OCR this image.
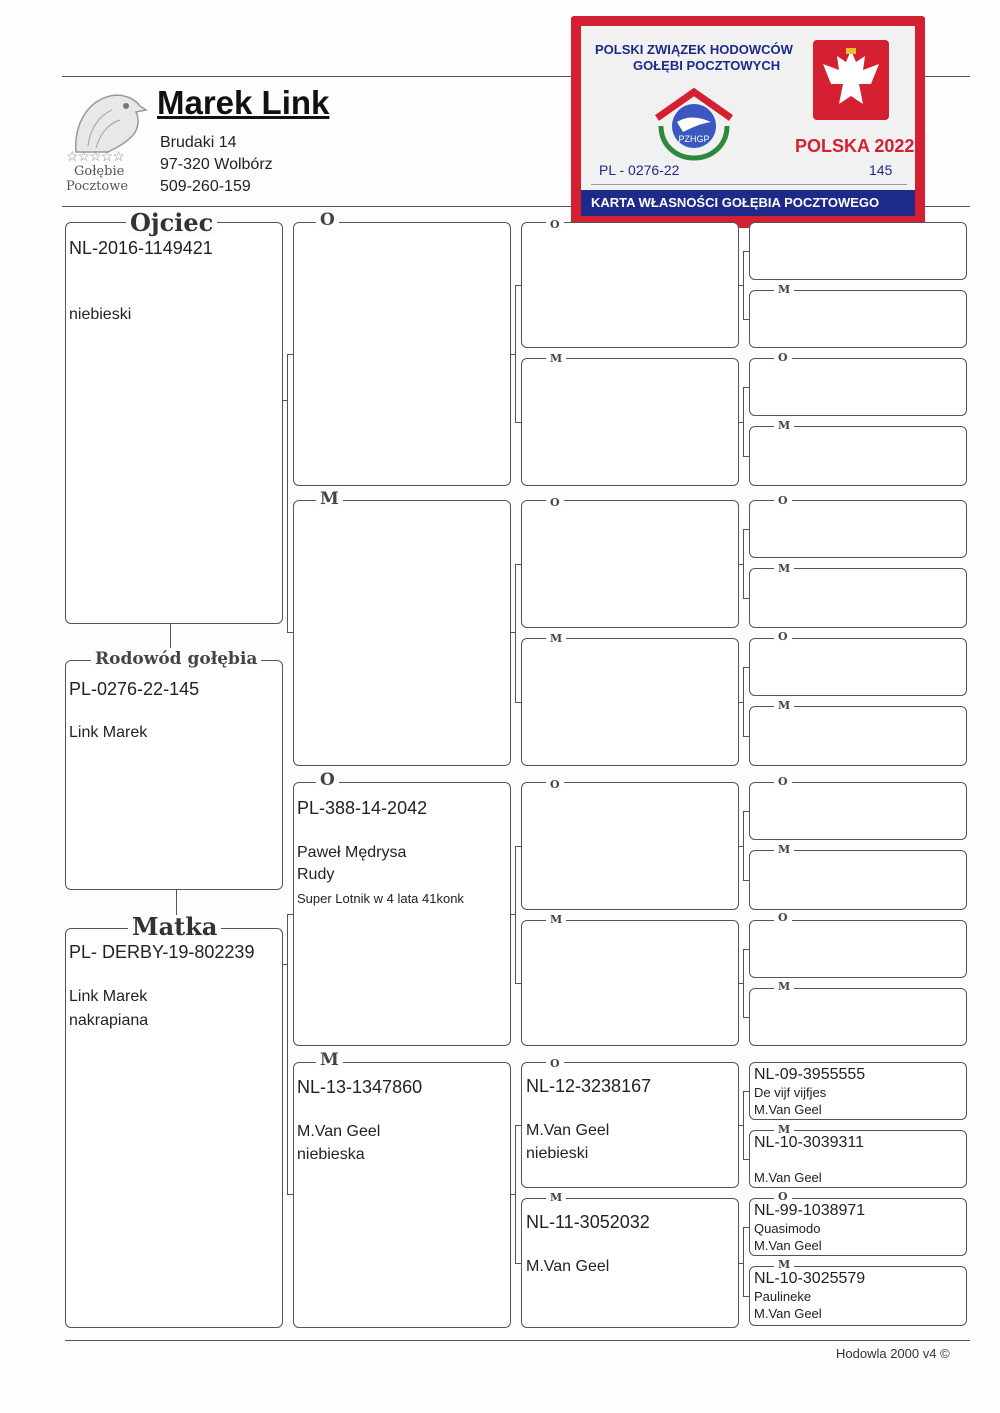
☆☆☆☆☆
Gołębie
Pocztowe
Marek Link
Brudaki 14
97-320 Wolbórz
509-260-159
POLSKI ZWIĄZEK HODOWCÓW
GOŁĘBI POCZTOWYCH
PZHGP	POLSKA 2022
PL - 0276-22	145
KARTA WŁASNOŚCI GOŁĘBIA POCZTOWEGO
Ojciec
NL-2016-1149421
niebieski
Rodowód gołębia
PL-0276-22-145
Link Marek
Matka
PL- DERBY-19-802239
Link Marek
nakrapiana
O
M
O
PL-388-14-2042
Paweł Mędrysa
Rudy
Super Lotnik w 4 lata 41konk
M
NL-13-1347860
M.Van Geel
niebieska
O
M
O
M
O
M
O
NL-12-3238167
M.Van Geel
niebieski
M
NL-11-3052032
M.Van Geel
M
O
M
O
M
O
M
O
M
O
M
NL-09-3955555
De vijf vijfjes
M.Van Geel
M
NL-10-3039311
M.Van Geel
O
NL-99-1038971
Quasimodo
M.Van Geel
M
NL-10-3025579
Paulineke
M.Van Geel
Hodowla 2000 v4 ©
